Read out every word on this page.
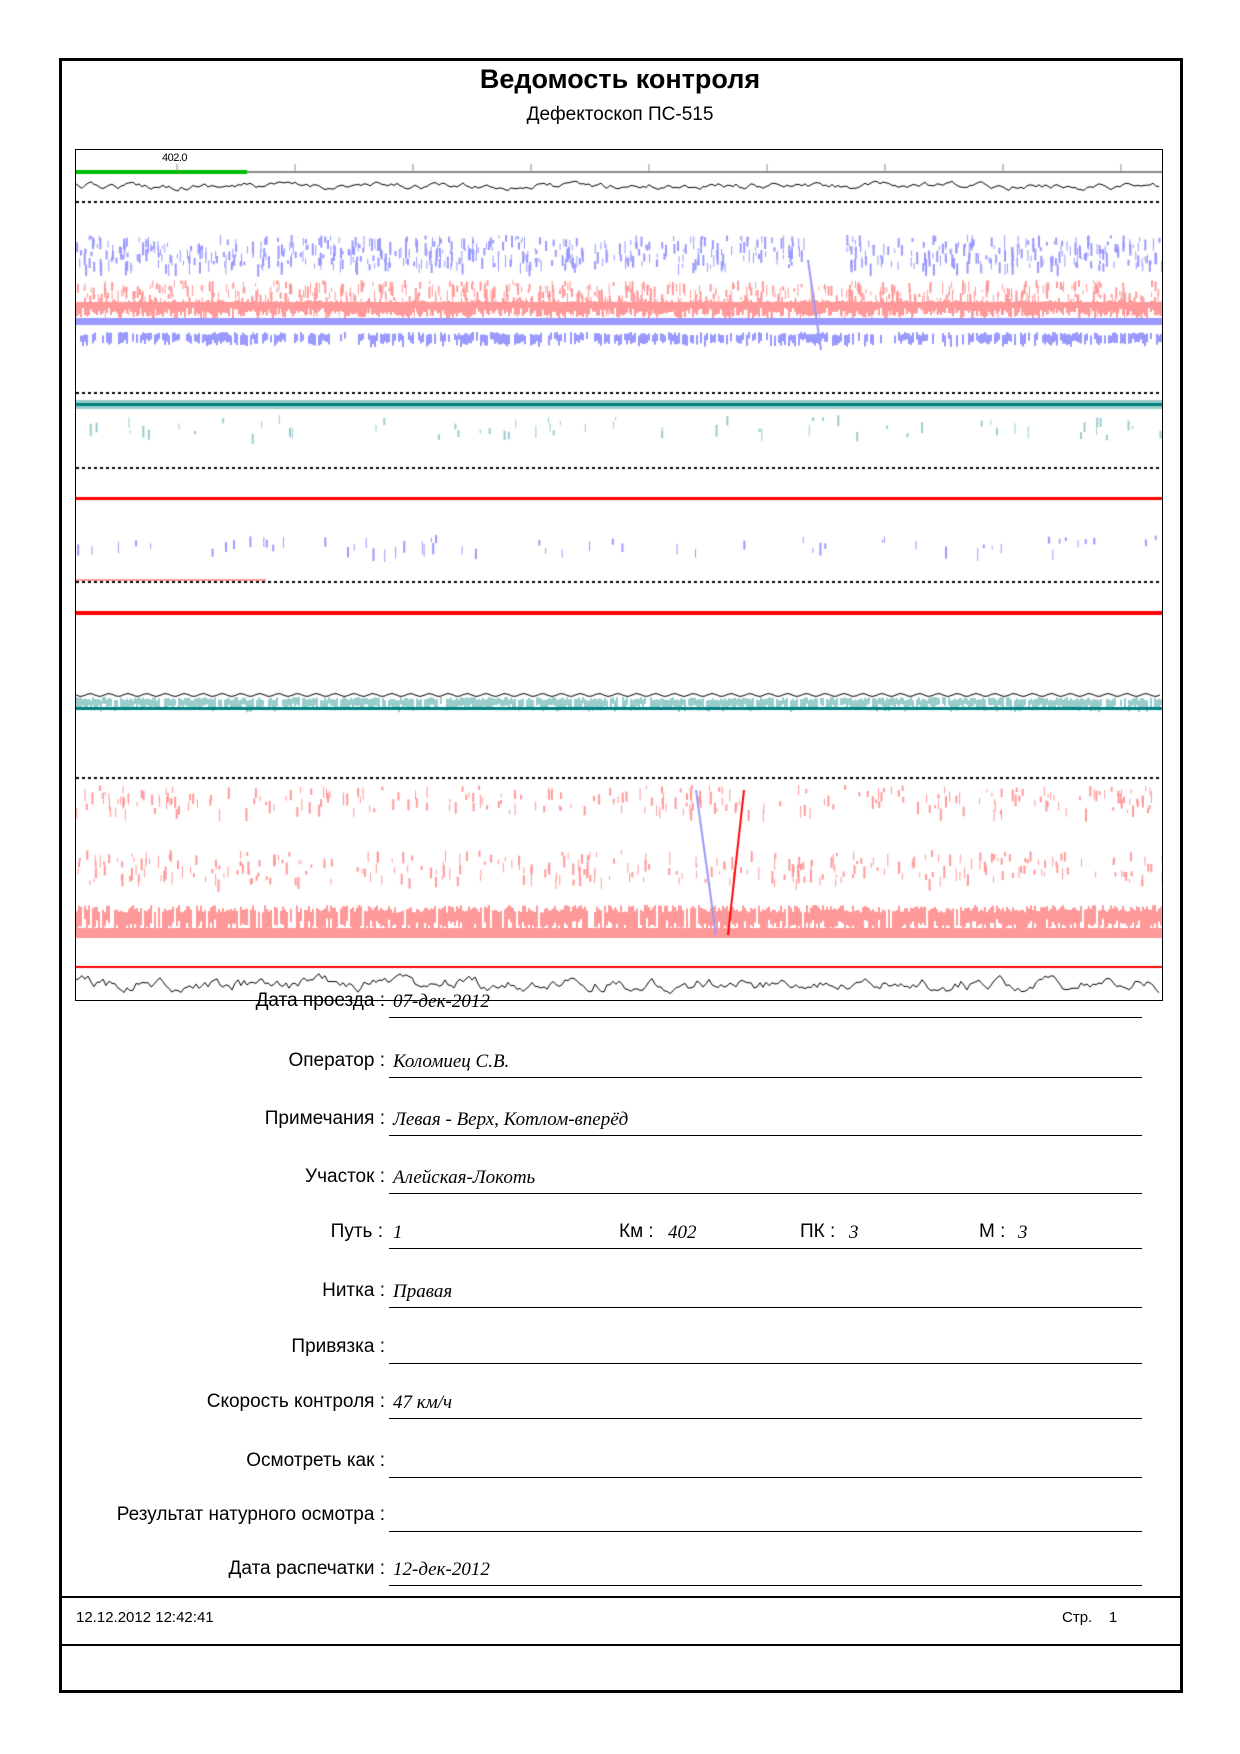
Ведомость контроля
Дефектоскоп ПС-515
402.0
Дата проезда : 07-дек-2012
Оператор : Коломиец С.В.
Примечания : Левая - Верх, Котлом-вперёд
Участок : Алейская-Локоть
Путь : 1	Км : 402	ПК : 3	М : 3
Нитка : Правая
Привязка :
Скорость контроля : 47 км/ч
Осмотреть как :
Результат натурного осмотра :
Дата распечатки : 12-дек-2012
12.12.2012 12:42:41	Стр. 1
